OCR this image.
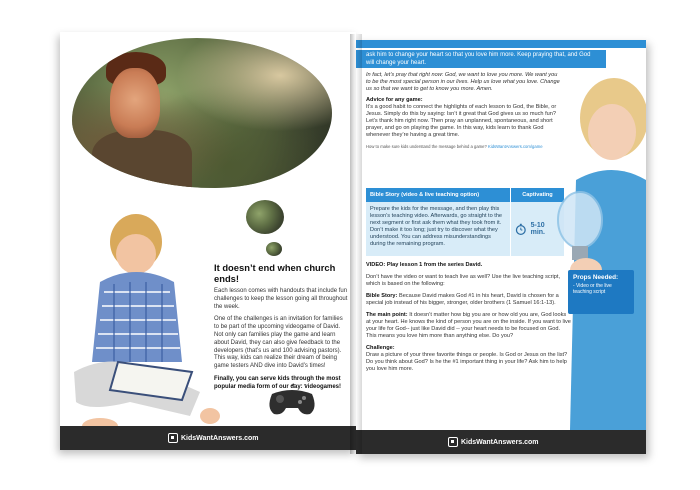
It doesn’t end when church ends!

Each lesson comes with handouts that include fun challenges to keep the lesson going all throughout the week.

One of the challenges is an invitation for families to be part of the upcoming videogame of David. Not only can families play the game and learn about David, they can also give feedback to the developers (that’s us and 100 advising pastors). This way, kids can realize their dream of being game testers AND dive into David’s times!

Finally, you can serve kids through the most popular media form of our day: videogames!

KidsWantAnswers.com
ask him to change your heart so that you love him more. Keep praying that, and God will change your heart.

In fact, let’s pray that right now: God, we want to love you more. We want you to be the most special person in our lives. Help us love what you love. Change us so that we want to get to know you more. Amen.

Advice for any game:
It’s a good habit to connect the highlights of each lesson to God, the Bible, or Jesus. Simply do this by saying: Isn’t it great that God gives us so much fun? Let’s thank him right now. Then pray an unplanned, spontaneous, and short prayer, and go on playing the game. In this way, kids learn to thank God whenever they’re having a great time.

How to make sure kids understand the message behind a game? KidsWantAnswers.com/game
Bible Story (video & live teaching option)	Captivating
Prepare the kids for the message, and then play this lesson’s teaching video. Afterwards, go straight to the next segment or first ask them what they took from it. Don’t make it too long; just try to discover what they understood. You can address misunderstandings during the remaining program.
5-10 min.

VIDEO: Play lesson 1 from the series David.

Don’t have the video or want to teach live as well? Use the live teaching script, which is based on the following:

Bible Story: Because David makes God #1 in his heart, David is chosen for a special job instead of his bigger, stronger, older brothers (1 Samuel 16:1-13).

The main point: It doesn’t matter how big you are or how old you are, God looks at your heart. He knows the kind of person you are on the inside. If you want to live your life for God-- just like David did -- your heart needs to be focused on God. This means you love him more than anything else. Do you?

Challenge:
Draw a picture of your three favorite things or people. Is God or Jesus on the list? Do you think about God? Is he the #1 important thing in your life? Ask him to help you love him more.

Props Needed:
- Video or the live teaching script
KidsWantAnswers.com
